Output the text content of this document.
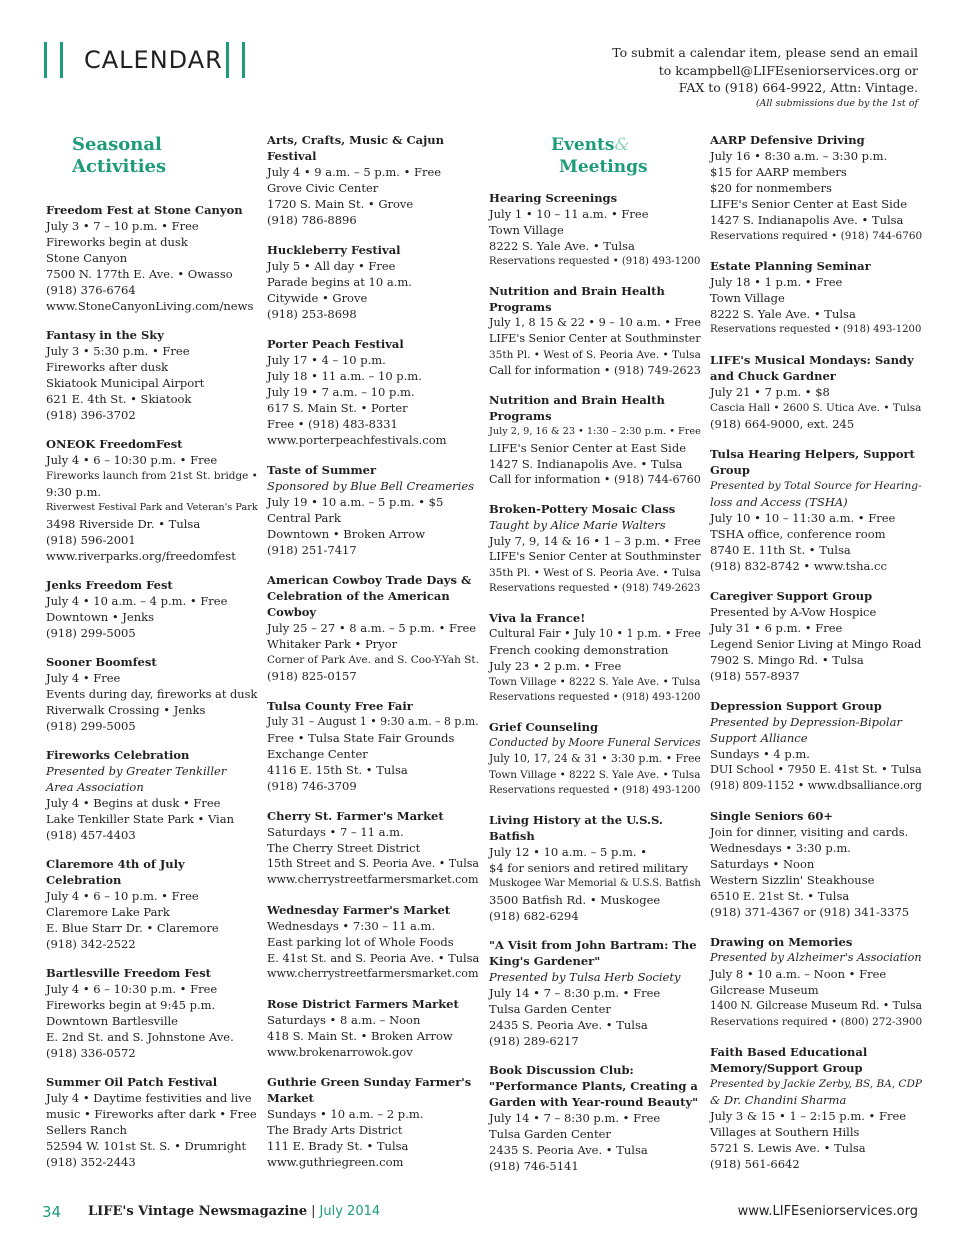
CALENDAR	To submit a calendar item, please send an email
to kcampbell@LIFEseniorservices.org or
FAX to (918) 664-9922, Attn: Vintage.
(All submissions due by the 1st of
Seasonal Activities
Freedom Fest at Stone Canyon
July 3 • 7 – 10 p.m. • Free
Fireworks begin at dusk
Stone Canyon
7500 N. 177th E. Ave. • Owasso
(918) 376-6764
www.StoneCanyonLiving.com/news
Fantasy in the Sky
July 3 • 5:30 p.m. • Free
Fireworks after dusk
Skiatook Municipal Airport
621 E. 4th St. • Skiatook
(918) 396-3702
ONEOK FreedomFest
July 4 • 6 – 10:30 p.m. • Free
Fireworks launch from 21st St. bridge •
9:30 p.m.
Riverwest Festival Park and Veteran's Park
3498 Riverside Dr. • Tulsa
(918) 596-2001
www.riverparks.org/freedomfest
Jenks Freedom Fest
July 4 • 10 a.m. – 4 p.m. • Free
Downtown • Jenks
(918) 299-5005
Sooner Boomfest
July 4 • Free
Events during day, fireworks at dusk
Riverwalk Crossing • Jenks
(918) 299-5005
Fireworks Celebration
Presented by Greater Tenkiller
Area Association
July 4 • Begins at dusk • Free
Lake Tenkiller State Park • Vian
(918) 457-4403
Claremore 4th of July Celebration
July 4 • 6 – 10 p.m. • Free
Claremore Lake Park
E. Blue Starr Dr. • Claremore
(918) 342-2522
Bartlesville Freedom Fest
July 4 • 6 – 10:30 p.m. • Free
Fireworks begin at 9:45 p.m.
Downtown Bartlesville
E. 2nd St. and S. Johnstone Ave.
(918) 336-0572
Summer Oil Patch Festival
July 4 • Daytime festivities and live
music • Fireworks after dark • Free
Sellers Ranch
52594 W. 101st St. S. • Drumright
(918) 352-2443
Arts, Crafts, Music & Cajun Festival
July 4 • 9 a.m. – 5 p.m. • Free
Grove Civic Center
1720 S. Main St. • Grove
(918) 786-8896
Huckleberry Festival
July 5 • All day • Free
Parade begins at 10 a.m.
Citywide • Grove
(918) 253-8698
Porter Peach Festival
July 17 • 4 – 10 p.m.
July 18 • 11 a.m. – 10 p.m.
July 19 • 7 a.m. – 10 p.m.
617 S. Main St. • Porter
Free • (918) 483-8331
www.porterpeachfestivals.com
Taste of Summer
Sponsored by Blue Bell Creameries
July 19 • 10 a.m. – 5 p.m. • $5
Central Park
Downtown • Broken Arrow
(918) 251-7417
American Cowboy Trade Days & Celebration of the American Cowboy
July 25 – 27 • 8 a.m. – 5 p.m. • Free
Whitaker Park • Pryor
Corner of Park Ave. and S. Coo-Y-Yah St.
(918) 825-0157
Tulsa County Free Fair
July 31 – August 1 • 9:30 a.m. – 8 p.m.
Free • Tulsa State Fair Grounds
Exchange Center
4116 E. 15th St. • Tulsa
(918) 746-3709
Cherry St. Farmer's Market
Saturdays • 7 – 11 a.m.
The Cherry Street District
15th Street and S. Peoria Ave. • Tulsa
www.cherrystreetfarmersmarket.com
Wednesday Farmer's Market
Wednesdays • 7:30 – 11 a.m.
East parking lot of Whole Foods
E. 41st St. and S. Peoria Ave. • Tulsa
www.cherrystreetfarmersmarket.com
Rose District Farmers Market
Saturdays • 8 a.m. – Noon
418 S. Main St. • Broken Arrow
www.brokenarrowok.gov
Guthrie Green Sunday Farmer's Market
Sundays • 10 a.m. – 2 p.m.
The Brady Arts District
111 E. Brady St. • Tulsa
www.guthriegreen.com
Events&
Meetings
Hearing Screenings
July 1 • 10 – 11 a.m. • Free
Town Village
8222 S. Yale Ave. • Tulsa
Reservations requested • (918) 493-1200
Nutrition and Brain Health Programs
July 1, 8 15 & 22 • 9 – 10 a.m. • Free
LIFE's Senior Center at Southminster
35th Pl. • West of S. Peoria Ave. • Tulsa
Call for information • (918) 749-2623
Nutrition and Brain Health Programs
July 2, 9, 16 & 23 • 1:30 – 2:30 p.m. • Free
LIFE's Senior Center at East Side
1427 S. Indianapolis Ave. • Tulsa
Call for information • (918) 744-6760
Broken-Pottery Mosaic Class
Taught by Alice Marie Walters
July 7, 9, 14 & 16 • 1 – 3 p.m. • Free
LIFE's Senior Center at Southminster
35th Pl. • West of S. Peoria Ave. • Tulsa
Reservations requested • (918) 749-2623
Viva la France!
Cultural Fair • July 10 • 1 p.m. • Free
French cooking demonstration
July 23 • 2 p.m. • Free
Town Village • 8222 S. Yale Ave. • Tulsa
Reservations requested • (918) 493-1200
Grief Counseling
Conducted by Moore Funeral Services
July 10, 17, 24 & 31 • 3:30 p.m. • Free
Town Village • 8222 S. Yale Ave. • Tulsa
Reservations requested • (918) 493-1200
Living History at the U.S.S. Batfish
July 12 • 10 a.m. – 5 p.m. •
$4 for seniors and retired military
Muskogee War Memorial & U.S.S. Batfish
3500 Batfish Rd. • Muskogee
(918) 682-6294
"A Visit from John Bartram: The King's Gardener"
Presented by Tulsa Herb Society
July 14 • 7 – 8:30 p.m. • Free
Tulsa Garden Center
2435 S. Peoria Ave. • Tulsa
(918) 289-6217
Book Discussion Club: "Performance Plants, Creating a Garden with Year-round Beauty"
July 14 • 7 – 8:30 p.m. • Free
Tulsa Garden Center
2435 S. Peoria Ave. • Tulsa
(918) 746-5141
AARP Defensive Driving
July 16 • 8:30 a.m. – 3:30 p.m.
$15 for AARP members
$20 for nonmembers
LIFE's Senior Center at East Side
1427 S. Indianapolis Ave. • Tulsa
Reservations required • (918) 744-6760
Estate Planning Seminar
July 18 • 1 p.m. • Free
Town Village
8222 S. Yale Ave. • Tulsa
Reservations requested • (918) 493-1200
LIFE's Musical Mondays: Sandy and Chuck Gardner
July 21 • 7 p.m. • $8
Cascia Hall • 2600 S. Utica Ave. • Tulsa
(918) 664-9000, ext. 245
Tulsa Hearing Helpers, Support Group
Presented by Total Source for Hearing-
loss and Access (TSHA)
July 10 • 10 – 11:30 a.m. • Free
TSHA office, conference room
8740 E. 11th St. • Tulsa
(918) 832-8742 • www.tsha.cc
Caregiver Support Group
Presented by A-Vow Hospice
July 31 • 6 p.m. • Free
Legend Senior Living at Mingo Road
7902 S. Mingo Rd. • Tulsa
(918) 557-8937
Depression Support Group
Presented by Depression-Bipolar
Support Alliance
Sundays • 4 p.m.
DUI School • 7950 E. 41st St. • Tulsa
(918) 809-1152 • www.dbsalliance.org
Single Seniors 60+
Join for dinner, visiting and cards.
Wednesdays • 3:30 p.m.
Saturdays • Noon
Western Sizzlin' Steakhouse
6510 E. 21st St. • Tulsa
(918) 371-4367 or (918) 341-3375
Drawing on Memories
Presented by Alzheimer's Association
July 8 • 10 a.m. – Noon • Free
Gilcrease Museum
1400 N. Gilcrease Museum Rd. • Tulsa
Reservations required • (800) 272-3900
Faith Based Educational Memory/Support Group
Presented by Jackie Zerby, BS, BA, CDP
& Dr. Chandini Sharma
July 3 & 15 • 1 – 2:15 p.m. • Free
Villages at Southern Hills
5721 S. Lewis Ave. • Tulsa
(918) 561-6642
34 LIFE's Vintage Newsmagazine | July 2014	www.LIFEseniorservices.org
